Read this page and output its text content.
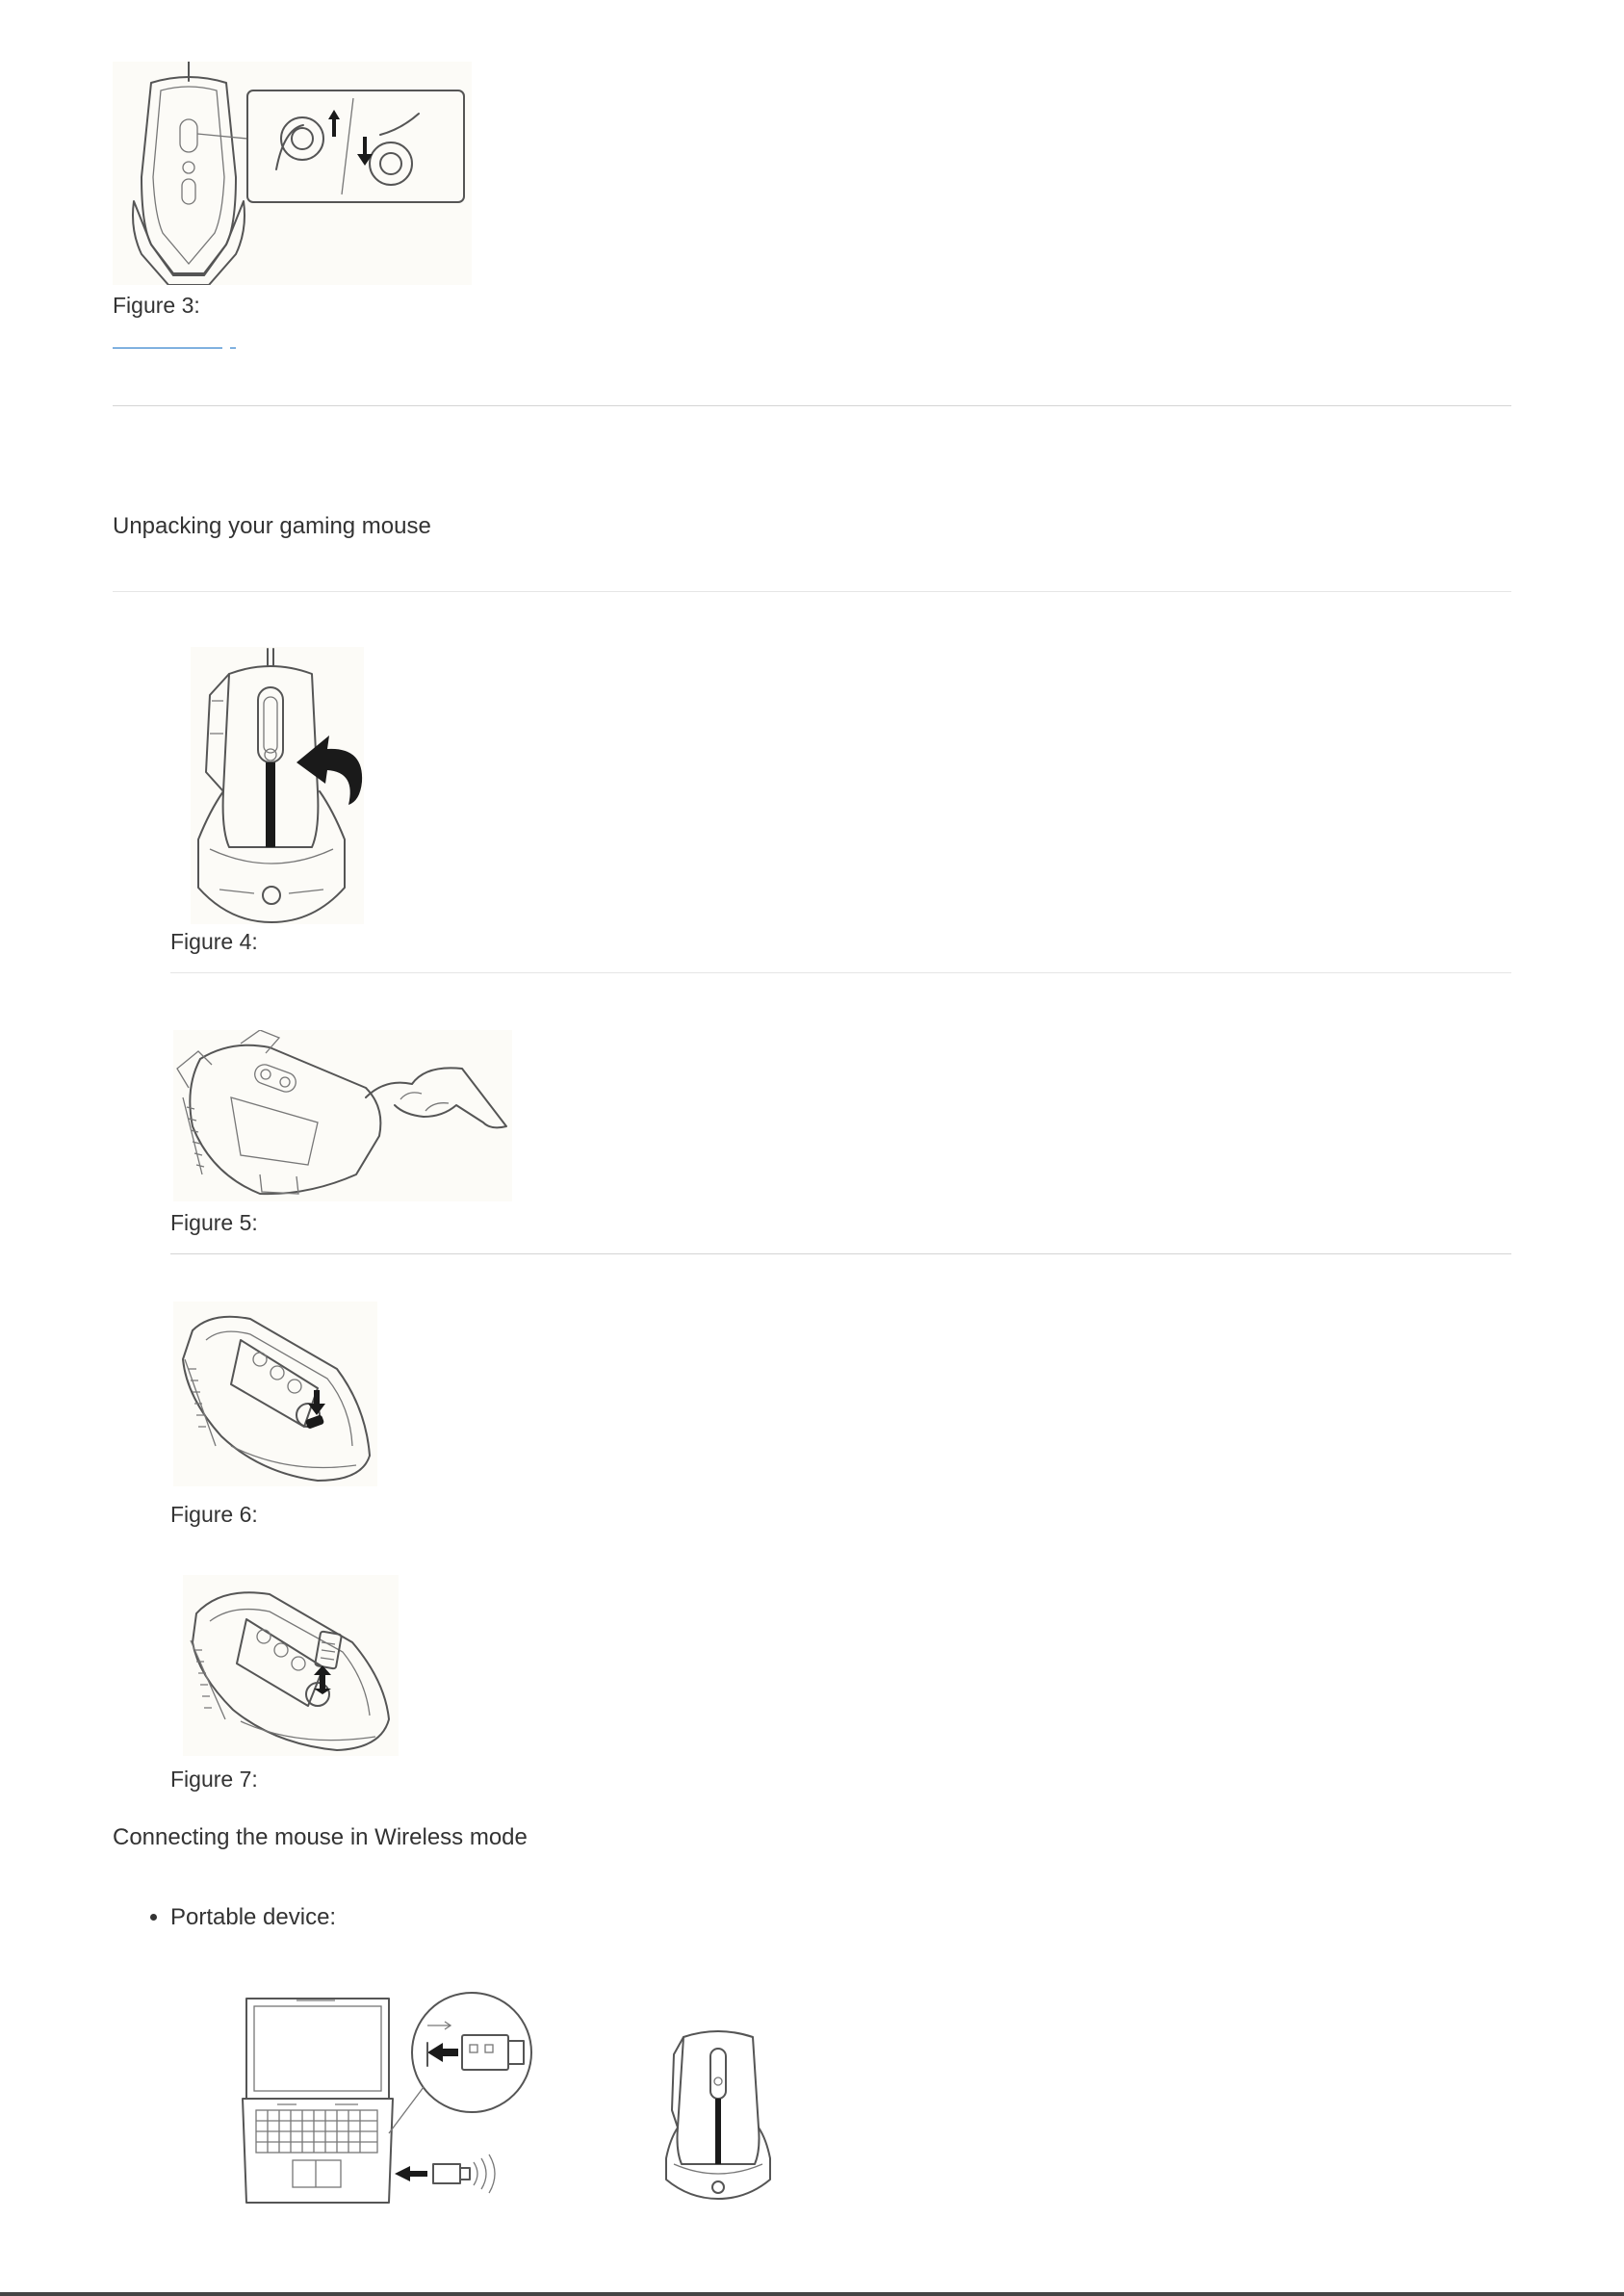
Figure 3:
Unpacking your gaming mouse
Figure 4:
Figure 5:
Figure 6:
Figure 7:
Connecting the mouse in Wireless mode
• Portable device:
